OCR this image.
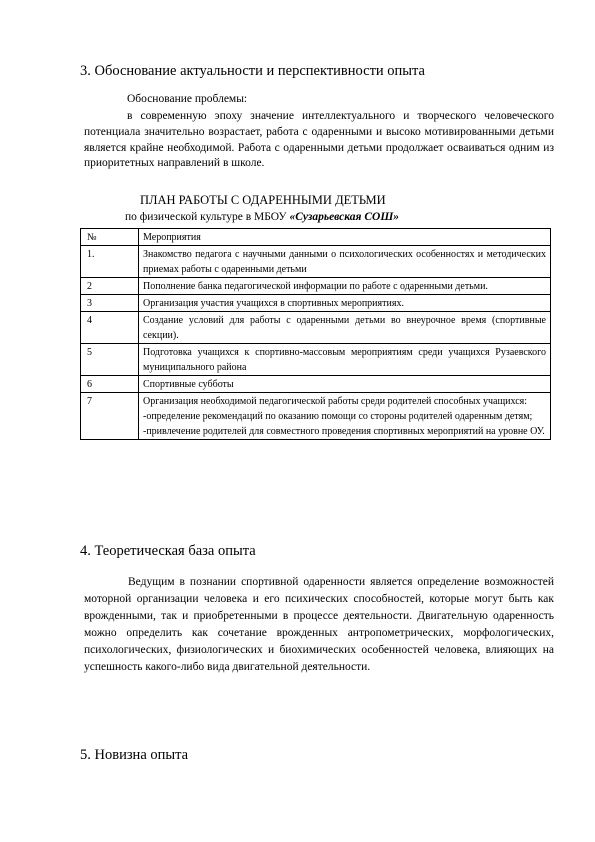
3. Обоснование актуальности и перспективности опыта

Обоснование проблемы:

в современную эпоху значение интеллектуального и творческого человеческого потенциала значительно возрастает, работа с одаренными и высоко мотивированными детьми является крайне необходимой. Работа с одаренными детьми продолжает осваиваться одним из приоритетных направлений в школе.

ПЛАН РАБОТЫ С ОДАРЕННЫМИ ДЕТЬМИ

по физической культуре в МБОУ «Сузарьевская СОШ»

№	Мероприятия
1.	Знакомство педагога с научными данными о психологических особенностях и методических приемах работы с одаренными детьми
2	Пополнение банка педагогической информации по работе с одаренными детьми.
3	Организация участия учащихся в спортивных мероприятиях.
4	Создание условий для работы с одаренными детьми во внеурочное время (спортивные секции).
5	Подготовка учащихся к спортивно-массовым мероприятиям среди учащихся Рузаевского муниципального района
6	Спортивные субботы
7	Организация необходимой педагогической работы среди родителей способных учащихся:
-определение рекомендаций по оказанию помощи со стороны родителей одаренным детям;
-привлечение родителей для совместного проведения спортивных мероприятий на уровне ОУ.
4. Теоретическая база опыта

Ведущим в познании спортивной одаренности является определение возможностей моторной организации человека и его психических способностей, которые могут быть как врожденными, так и приобретенными в процессе деятельности. Двигательную одаренность можно определить как сочетание врожденных антропометрических, морфологических, психологических, физиологических и биохимических особенностей человека, влияющих на успешность какого-либо вида двигательной деятельности.

5. Новизна опыта
